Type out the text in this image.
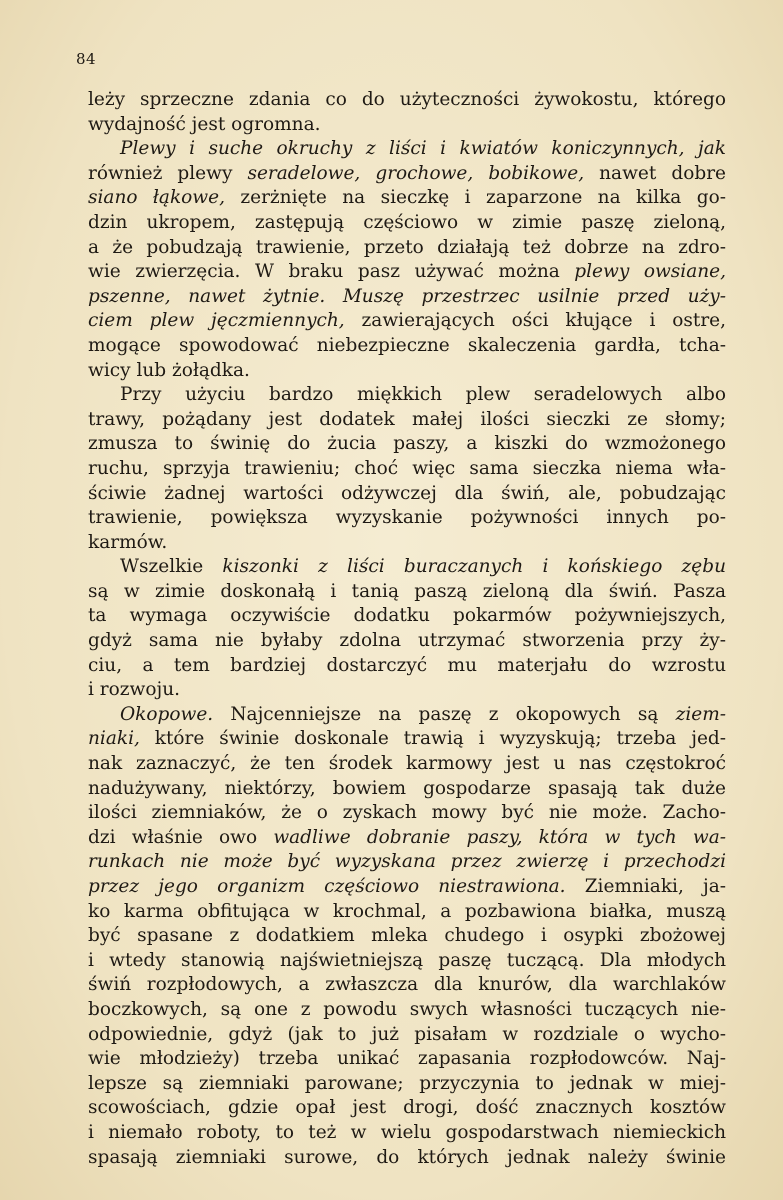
84
leży sprzeczne zdania co do użyteczności żywokostu, którego
wydajność jest ogromna.
Plewy i suche okruchy z liści i kwiatów koniczynnych, jak
również plewy seradelowe, grochowe, bobikowe, nawet dobre
siano łąkowe, zerżnięte na sieczkę i zaparzone na kilka go-
dzin ukropem, zastępują częściowo w zimie paszę zieloną,
a że pobudzają trawienie, przeto działają też dobrze na zdro-
wie zwierzęcia. W braku pasz używać można plewy owsiane,
pszenne, nawet żytnie. Muszę przestrzec usilnie przed uży-
ciem plew jęczmiennych, zawierających ości kłujące i ostre,
mogące spowodować niebezpieczne skaleczenia gardła, tcha-
wicy lub żołądka.
Przy użyciu bardzo miękkich plew seradelowych albo
trawy, pożądany jest dodatek małej ilości sieczki ze słomy;
zmusza to świnię do żucia paszy, a kiszki do wzmożonego
ruchu, sprzyja trawieniu; choć więc sama sieczka niema wła-
ściwie żadnej wartości odżywczej dla świń, ale, pobudzając
trawienie, powiększa wyzyskanie pożywności innych po-
karmów.
Wszelkie kiszonki z liści buraczanych i końskiego zębu
są w zimie doskonałą i tanią paszą zieloną dla świń. Pasza
ta wymaga oczywiście dodatku pokarmów pożywniejszych,
gdyż sama nie byłaby zdolna utrzymać stworzenia przy ży-
ciu, a tem bardziej dostarczyć mu materjału do wzrostu
i rozwoju.
Okopowe. Najcenniejsze na paszę z okopowych są ziem-
niaki, które świnie doskonale trawią i wyzyskują; trzeba jed-
nak zaznaczyć, że ten środek karmowy jest u nas częstokroć
nadużywany, niektórzy, bowiem gospodarze spasają tak duże
ilości ziemniaków, że o zyskach mowy być nie może. Zacho-
dzi właśnie owo wadliwe dobranie paszy, która w tych wa-
runkach nie może być wyzyskana przez zwierzę i przechodzi
przez jego organizm częściowo niestrawiona. Ziemniaki, ja-
ko karma obfitująca w krochmal, a pozbawiona białka, muszą
być spasane z dodatkiem mleka chudego i osypki zbożowej
i wtedy stanowią najświetniejszą paszę tuczącą. Dla młodych
świń rozpłodowych, a zwłaszcza dla knurów, dla warchlaków
boczkowych, są one z powodu swych własności tuczących nie-
odpowiednie, gdyż (jak to już pisałam w rozdziale o wycho-
wie młodzieży) trzeba unikać zapasania rozpłodowców. Naj-
lepsze są ziemniaki parowane; przyczynia to jednak w miej-
scowościach, gdzie opał jest drogi, dość znacznych kosztów
i niemało roboty, to też w wielu gospodarstwach niemieckich
spasają ziemniaki surowe, do których jednak należy świnie
